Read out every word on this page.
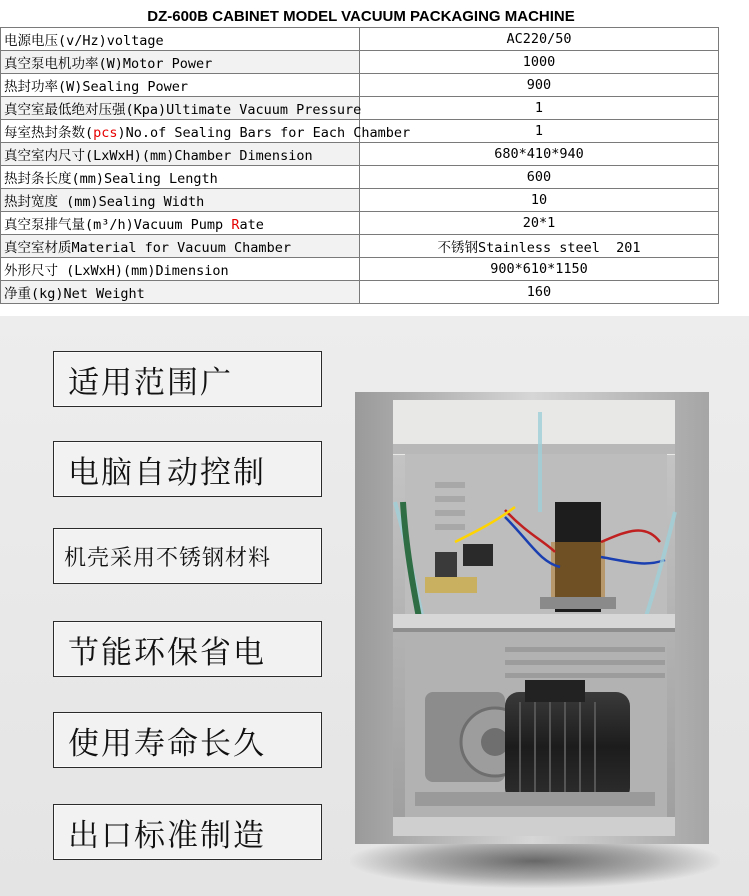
DZ-600B CABINET MODEL VACUUM PACKAGING MACHINE	
电源电压(v/Hz)voltage	AC220/50
真空泵电机功率(W)Motor Power	1000
热封功率(W)Sealing Power	900
真空室最低绝对压强(Kpa)Ultimate Vacuum Pressure	1
每室热封条数(pcs)No.of Sealing Bars for Each Chamber	1
真空室内尺寸(LxWxH)(mm)Chamber Dimension	680*410*940
热封条长度(mm)Sealing Length	600
热封宽度 (mm)Sealing Width	10
真空泵排气量(m³/h)Vacuum Pump Rate	20*1
真空室材质Material for Vacuum Chamber	不锈钢Stainless steel  201
外形尺寸 (LxWxH)(mm)Dimension	900*610*1150
净重(kg)Net Weight	160
适用范围广
电脑自动控制
机壳采用不锈钢材料
节能环保省电
使用寿命长久
出口标准制造
